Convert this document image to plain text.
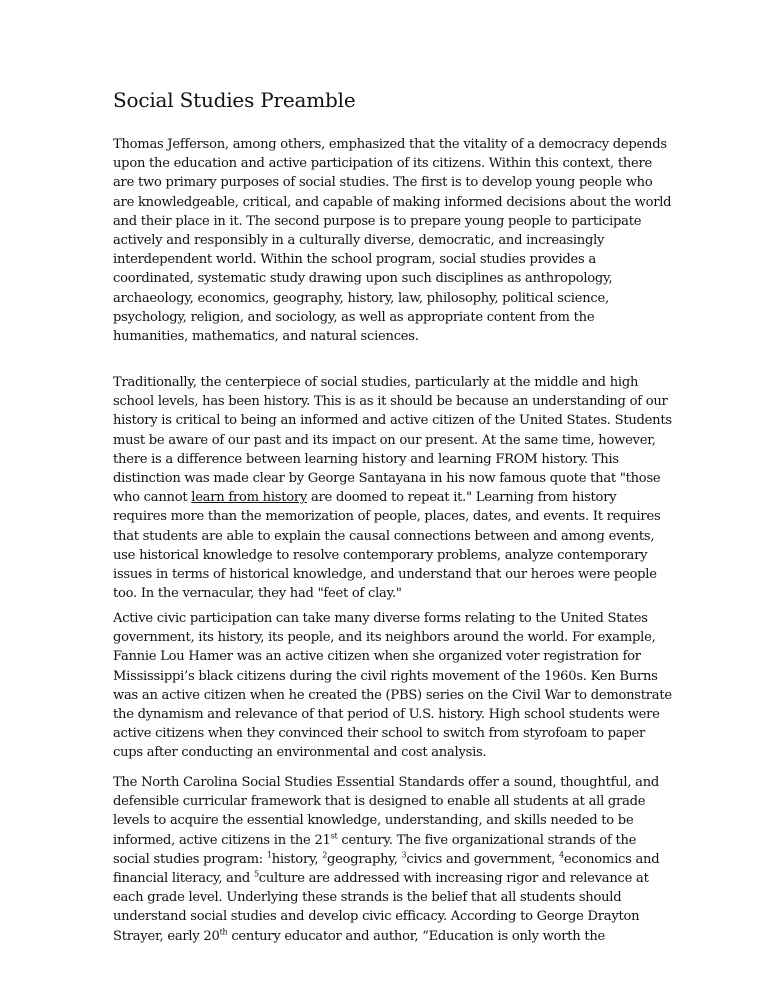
Social Studies Preamble

Thomas Jefferson, among others, emphasized that the vitality of a democracy depends upon the education and active participation of its citizens. Within this context, there are two primary purposes of social studies. The first is to develop young people who are knowledgeable, critical, and capable of making informed decisions about the world and their place in it. The second purpose is to prepare young people to participate actively and responsibly in a culturally diverse, democratic, and increasingly interdependent world. Within the school program, social studies provides a coordinated, systematic study drawing upon such disciplines as anthropology, archaeology, economics, geography, history, law, philosophy, political science, psychology, religion, and sociology, as well as appropriate content from the humanities, mathematics, and natural sciences.

Traditionally, the centerpiece of social studies, particularly at the middle and high school levels, has been history. This is as it should be because an understanding of our history is critical to being an informed and active citizen of the United States. Students must be aware of our past and its impact on our present. At the same time, however, there is a difference between learning history and learning FROM history. This distinction was made clear by George Santayana in his now famous quote that "those who cannot learn from history are doomed to repeat it." Learning from history requires more than the memorization of people, places, dates, and events. It requires that students are able to explain the causal connections between and among events, use historical knowledge to resolve contemporary problems, analyze contemporary issues in terms of historical knowledge, and understand that our heroes were people too. In the vernacular, they had "feet of clay."

Active civic participation can take many diverse forms relating to the United States government, its history, its people, and its neighbors around the world. For example, Fannie Lou Hamer was an active citizen when she organized voter registration for Mississippi’s black citizens during the civil rights movement of the 1960s. Ken Burns was an active citizen when he created the (PBS) series on the Civil War to demonstrate the dynamism and relevance of that period of U.S. history. High school students were active citizens when they convinced their school to switch from styrofoam to paper cups after conducting an environmental and cost analysis.

The North Carolina Social Studies Essential Standards offer a sound, thoughtful, and defensible curricular framework that is designed to enable all students at all grade levels to acquire the essential knowledge, understanding, and skills needed to be informed, active citizens in the 21st century. The five organizational strands of the social studies program: $^1$history, $^2$geography, $^3$civics and government, $^4$economics and financial literacy, and $^5$culture are addressed with increasing rigor and relevance at each grade level. Underlying these strands is the belief that all students should understand social studies and develop civic efficacy. According to George Drayton Strayer, early 20th century educator and author, “Education is only worth the
